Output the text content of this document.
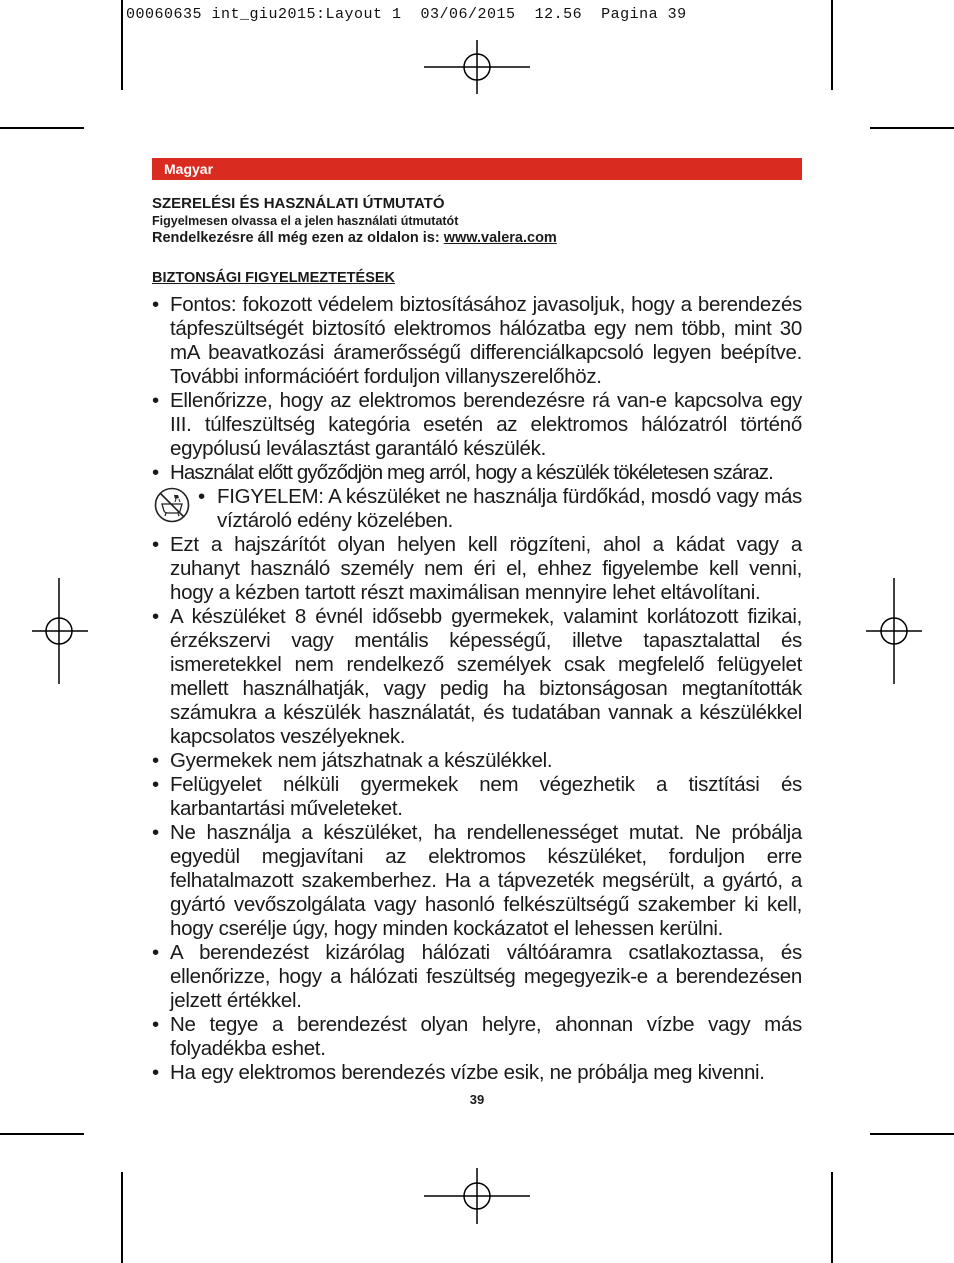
00060635 int_giu2015:Layout 1  03/06/2015  12.56  Pagina 39
Magyar
SZERELÉSI ÉS HASZNÁLATI ÚTMUTATÓ
Figyelmesen olvassa el a jelen használati útmutatót
Rendelkezésre áll még ezen az oldalon is: www.valera.com
BIZTONSÁGI FIGYELMEZTETÉSEK
• Fontos: fokozott védelem biztosításához javasoljuk, hogy a berendezés tápfeszültségét biztosító elektromos hálózatba egy nem több, mint 30 mA beavatkozási áramerősségű differenciálkapcsoló legyen beépítve. További információért forduljon villanyszerelőhöz.
• Ellenőrizze, hogy az elektromos berendezésre rá van-e kapcsolva egy III. túlfeszültség kategória esetén az elektromos hálózatról történő egypólusú leválasztást garantáló készülék.
• Használat előtt győződjön meg arról, hogy a készülék tökéletesen száraz.
• FIGYELEM: A készüléket ne használja fürdőkád, mosdó vagy más víztároló edény közelében.
• Ezt a hajszárítót olyan helyen kell rögzíteni, ahol a kádat vagy a zuhanyt használó személy nem éri el, ehhez figyelembe kell venni, hogy a kézben tartott részt maximálisan mennyire lehet eltávolítani.
• A készüléket 8 évnél idősebb gyermekek, valamint korlátozott fizikai, érzékszervi vagy mentális képességű, illetve tapasztalattal és ismeretekkel nem rendelkező személyek csak megfelelő felügyelet mellett használhatják, vagy pedig ha biztonságosan megtanították számukra a készülék használatát, és tudatában vannak a készülékkel kapcsolatos veszélyeknek.
• Gyermekek nem játszhatnak a készülékkel.
• Felügyelet nélküli gyermekek nem végezhetik a tisztítási és karbantartási műveleteket.
• Ne használja a készüléket, ha rendellenességet mutat. Ne próbálja egyedül megjavítani az elektromos készüléket, forduljon erre felhatalmazott szakemberhez. Ha a tápvezeték megsérült, a gyártó, a gyártó vevőszolgálata vagy hasonló felkészültségű szakember ki kell, hogy cserélje úgy, hogy minden kockázatot el lehessen kerülni.
• A berendezést kizárólag hálózati váltóáramra csatlakoztassa, és ellenőrizze, hogy a hálózati feszültség megegyezik-e a berendezésen jelzett értékkel.
• Ne tegye a berendezést olyan helyre, ahonnan vízbe vagy más folyadékba eshet.
• Ha egy elektromos berendezés vízbe esik, ne próbálja meg kivenni.
39
